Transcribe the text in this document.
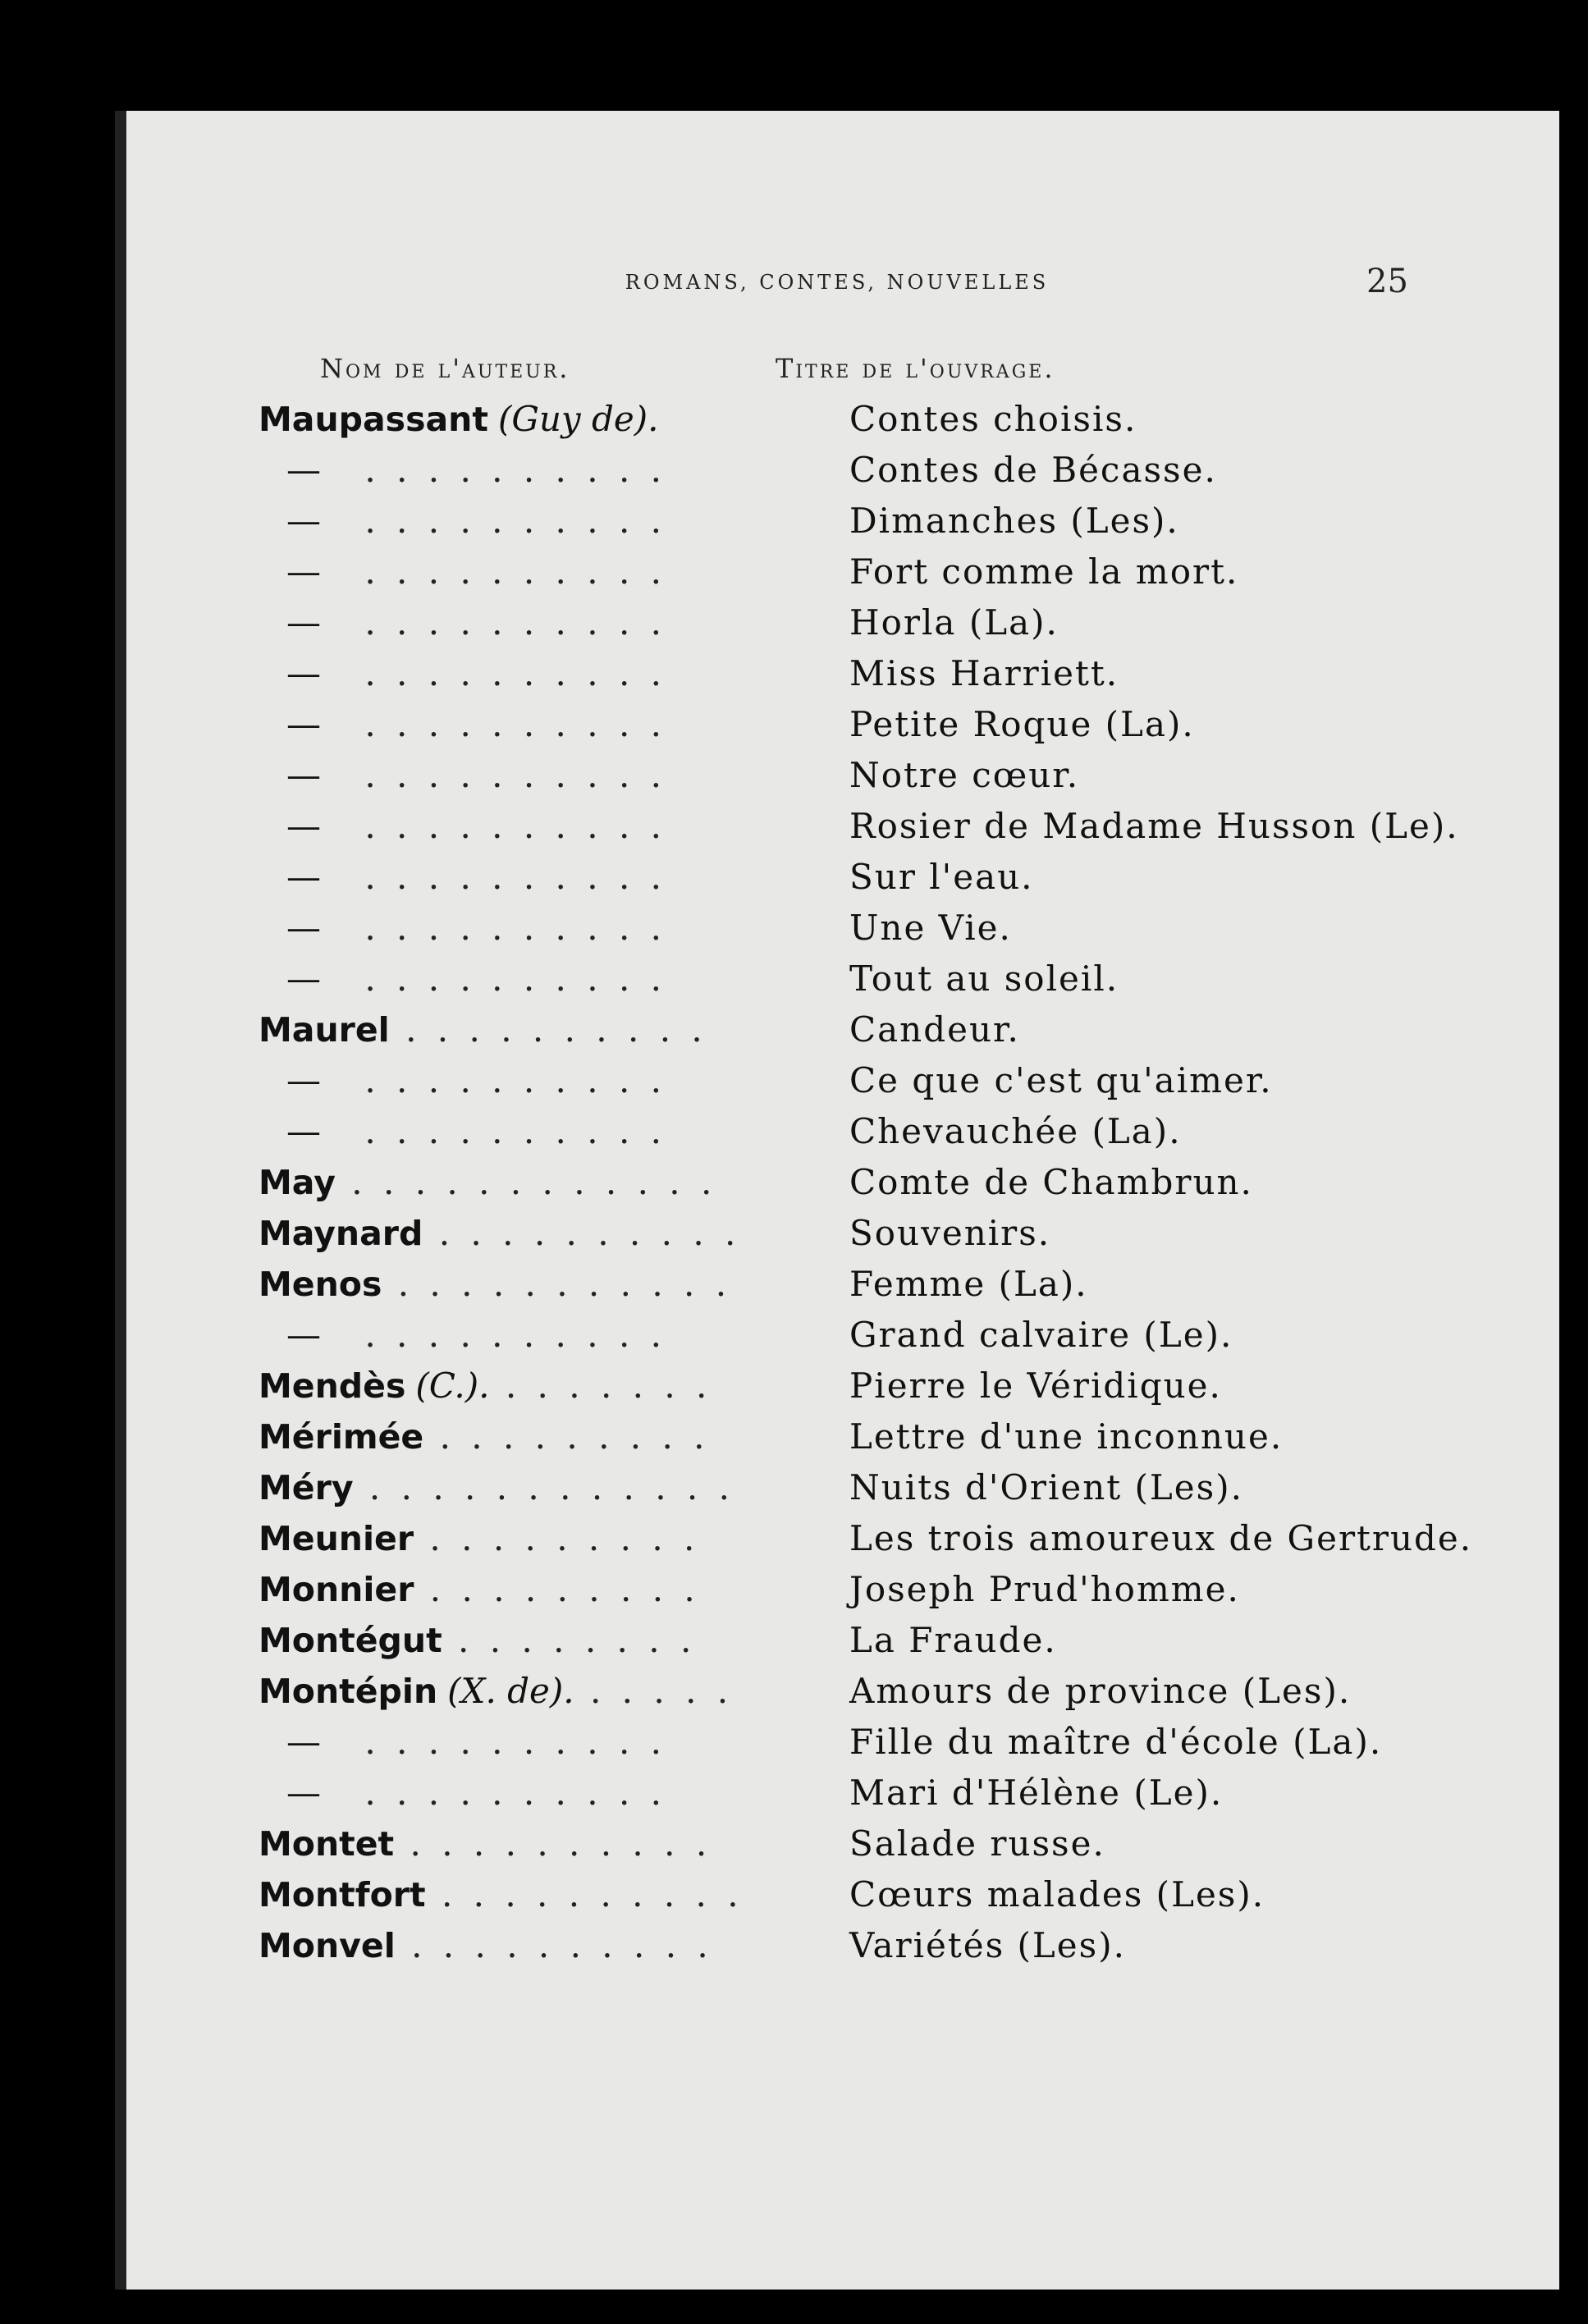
ROMANS, CONTES, NOUVELLES	25
Nom de l'auteur.	Titre de l'ouvrage.
Maupassant (Guy de).	Contes choisis.
— . . . . . . . . . .	Contes de Bécasse.
— . . . . . . . . . .	Dimanches (Les).
— . . . . . . . . . .	Fort comme la mort.
— . . . . . . . . . .	Horla (La).
— . . . . . . . . . .	Miss Harriett.
— . . . . . . . . . .	Petite Roque (La).
— . . . . . . . . . .	Notre cœur.
— . . . . . . . . . .	Rosier de Madame Husson (Le).
— . . . . . . . . . .	Sur l'eau.
— . . . . . . . . . .	Une Vie.
— . . . . . . . . . .	Tout au soleil.
Maurel . . . . . . . . . .	Candeur.
— . . . . . . . . . .	Ce que c'est qu'aimer.
— . . . . . . . . . .	Chevauchée (La).
May . . . . . . . . . . . .	Comte de Chambrun.
Maynard . . . . . . . . . .	Souvenirs.
Menos . . . . . . . . . . .	Femme (La).
— . . . . . . . . . .	Grand calvaire (Le).
Mendès (C.). . . . . . . .	Pierre le Véridique.
Mérimée . . . . . . . . .	Lettre d'une inconnue.
Méry . . . . . . . . . . . .	Nuits d'Orient (Les).
Meunier . . . . . . . . .	Les trois amoureux de Gertrude.
Monnier . . . . . . . . .	Joseph Prud'homme.
Montégut . . . . . . . .	La Fraude.
Montépin (X. de). . . . . .	Amours de province (Les).
— . . . . . . . . . .	Fille du maître d'école (La).
— . . . . . . . . . .	Mari d'Hélène (Le).
Montet . . . . . . . . . .	Salade russe.
Montfort . . . . . . . . . .	Cœurs malades (Les).
Monvel . . . . . . . . . .	Variétés (Les).
